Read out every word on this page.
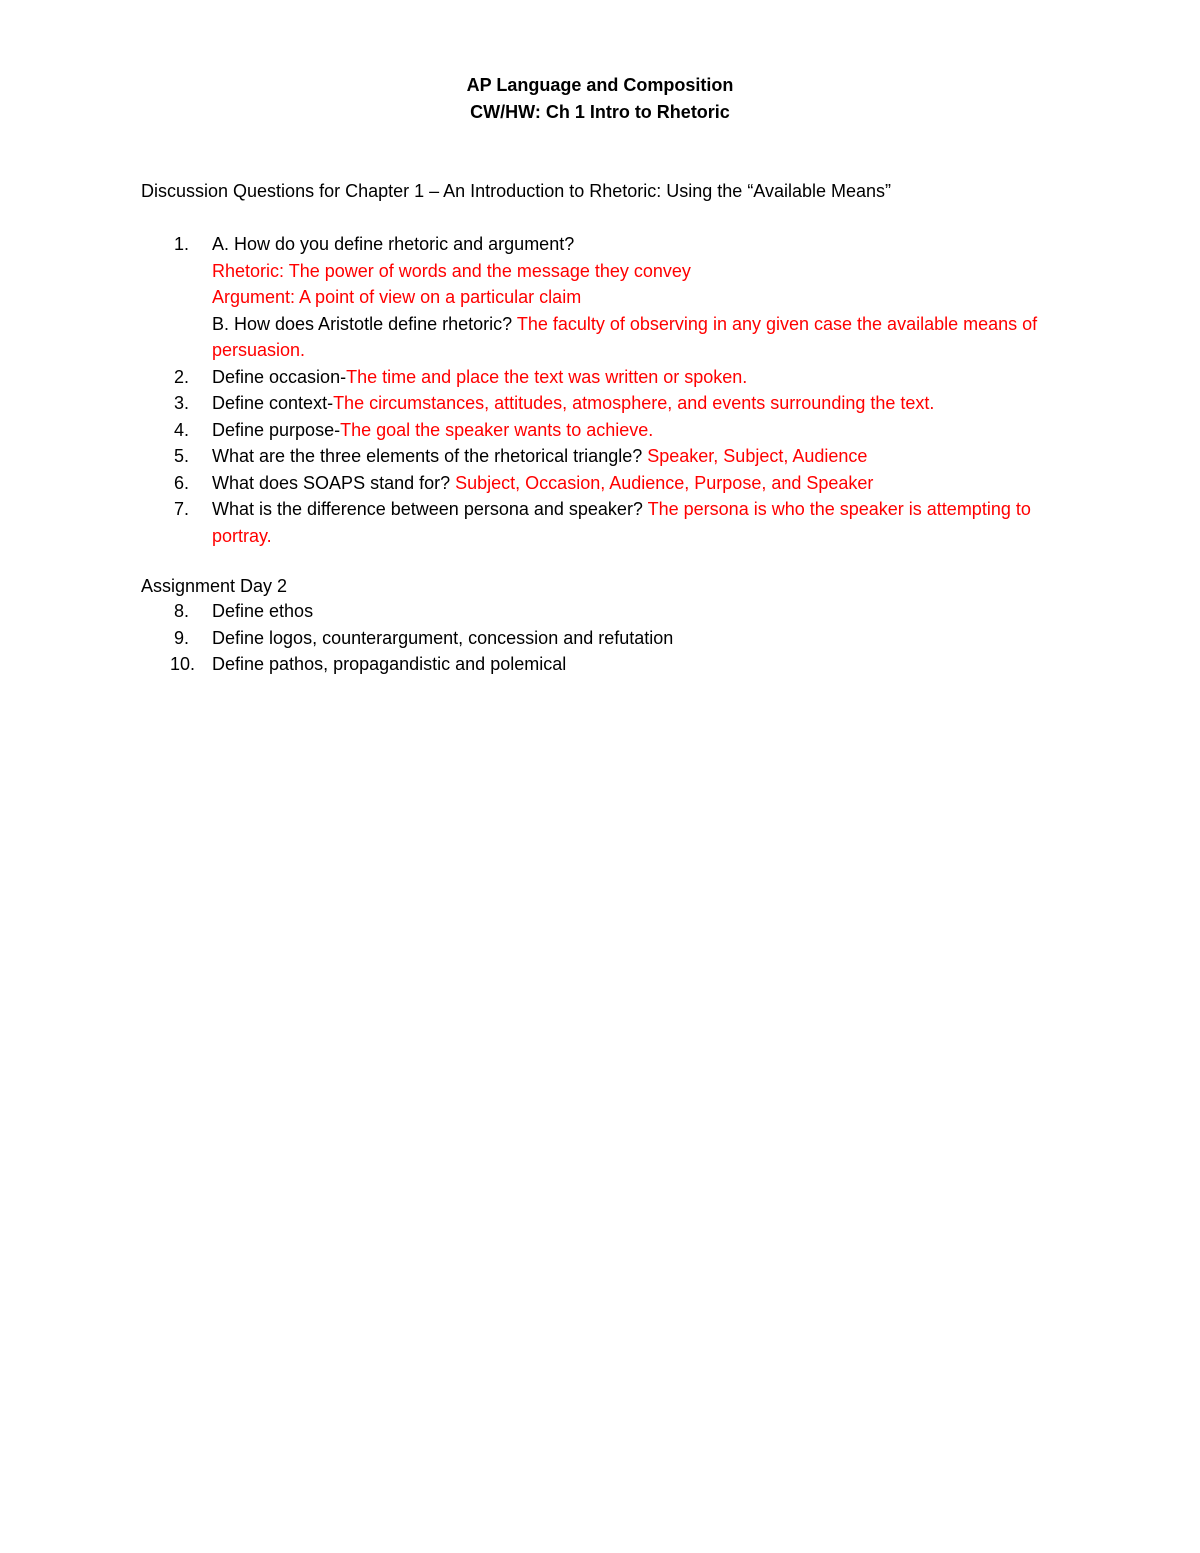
AP Language and Composition
CW/HW: Ch 1 Intro to Rhetoric
Discussion Questions for Chapter 1 – An Introduction to Rhetoric: Using the “Available Means”
1. A. How do you define rhetoric and argument?
Rhetoric: The power of words and the message they convey
Argument: A point of view on a particular claim
B. How does Aristotle define rhetoric? The faculty of observing in any given case the available means of persuasion.
2. Define occasion-The time and place the text was written or spoken.
3. Define context-The circumstances, attitudes, atmosphere, and events surrounding the text.
4. Define purpose-The goal the speaker wants to achieve.
5. What are the three elements of the rhetorical triangle? Speaker, Subject, Audience
6. What does SOAPS stand for? Subject, Occasion, Audience, Purpose, and Speaker
7. What is the difference between persona and speaker? The persona is who the speaker is attempting to portray.
Assignment Day 2
8. Define ethos
9. Define logos, counterargument, concession and refutation
10. Define pathos, propagandistic and polemical
